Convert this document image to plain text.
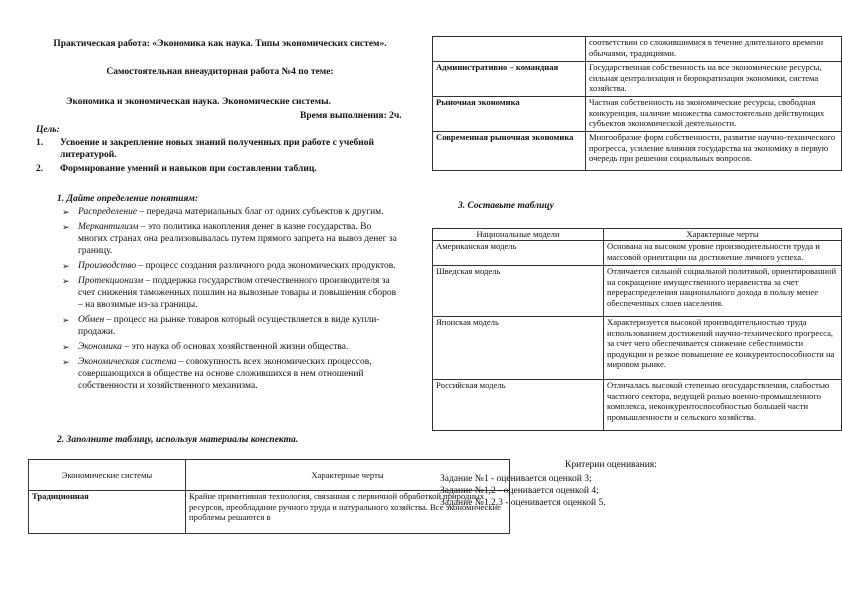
Практическая работа: «Экономика как наука. Типы экономических систем».
Самостоятельная внеаудиторная работа №4 по теме:
Экономика и экономическая наука. Экономические системы.
Время выполнения: 2ч.
Цель:
1. Усвоение и закрепление новых знаний полученных при работе с учебной литературой.
2. Формирование умений и навыков при составлении таблиц.
1. Дайте определение понятиям:
➢ Распределение – передача материальных благ от одних субъектов к другим.
➢ Меркантилизм – это политика накопления денег в казне государства. Во многих странах она реализовывалась путем прямого запрета на вывоз денег за границу.
➢ Производство – процесс создания различного рода экономических продуктов.
➢ Протекционизм – поддержка государством отечественного производителя за счет снижения таможенных пошлин на вывозные товары и повышения сборов – на ввозимые из-за границы.
➢ Обмен – процесс на рынке товаров который осуществляется в виде купли-продажи.
➢ Экономика – это наука об основах хозяйственной жизни общества.
➢ Экономическая система – совокупность всех экономических процессов, совершающихся в обществе на основе сложившихся в нем отношений собственности и хозяйственного механизма.
2. Заполните таблицу, используя материалы конспекта.
Экономические системы	Характерные черты
Традиционная	Крайне примитивная технология, связанная с первичной обработкой природных ресурсов, преобладание ручного труда и натурального хозяйства. Все экономические проблемы решаются в
	соответствии со сложившимися в течение длительного времени обычаями, традициями.
Административно – командная	Государственная собственность на все экономические ресурсы, сильная централизация и бюрократизация экономики, система хозяйства.
Рыночная экономика	Частная собственность на экономические ресурсы, свободная конкуренция, наличие множества самостоятельно действующих субъектов экономической деятельности.
Современная рыночная экономика	Многообразие форм собственности, развитие научно-технического прогресса, усиление влияния государства на экономику в первую очередь при решении социальных вопросов.
3. Составьте таблицу
Национальные модели	Характерные черты
Американская модель	Основана на высоком уровне производительности труда и массовой ориентации на достижение личного успеха.
Шведская модель	Отличается сильной социальной политикой, ориентированной на сокращение имущественного неравенства за счет перераспределения национального дохода в пользу менее обеспеченных слоев населения.
Японская модель	Характеризуется высокой производительностью труда использованием достижений научно-технического прогресса, за счет чего обеспечивается снижение себестоимости продукции и резкое повышение ее конкурентоспособности на мировом рынке.
Российская модель	Отличалась высокой степенью огосударствления, слабостью частного сектора, ведущей ролью военно-промышленного комплекса, неконкурентоспособностью большей части промышленности и сельского хозяйства.
Критерии оценивания:
Задание №1 - оценивается оценкой 3;
Задание №1,2 - оценивается оценкой 4;
Задание №1,2,3 - оценивается оценкой 5.
